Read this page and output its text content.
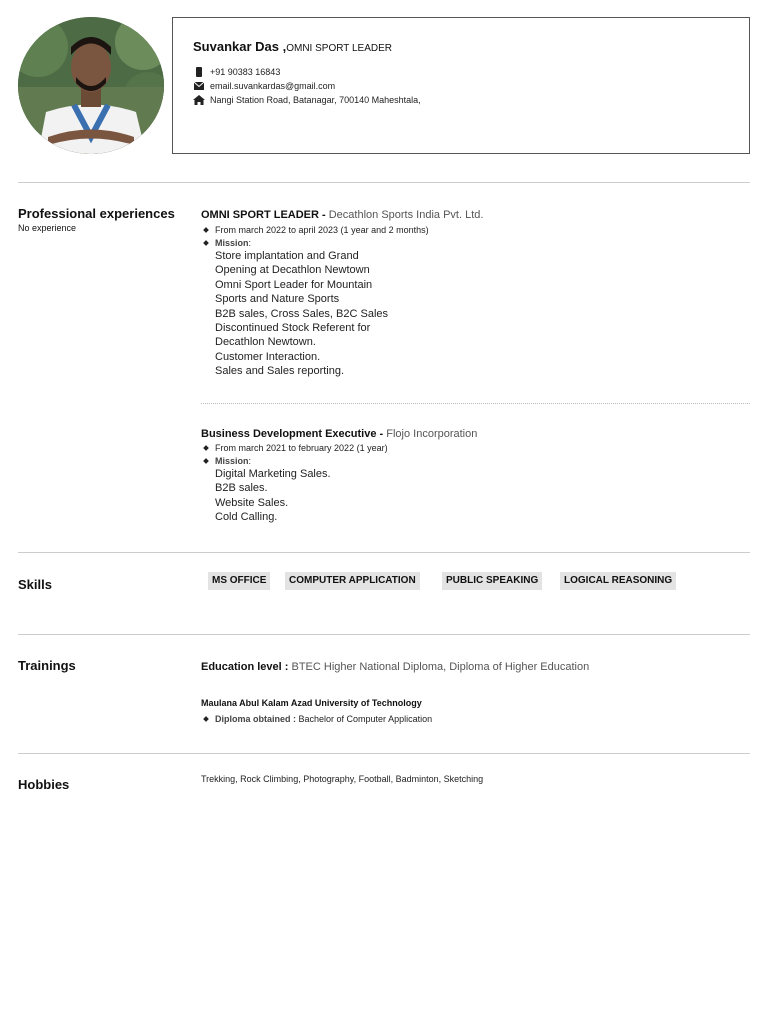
Suvankar Das ,OMNI SPORT LEADER
+91 90383 16843
email.suvankardas@gmail.com
Nangi Station Road, Batanagar, 700140 Maheshtala,
Professional experiences
No experience
OMNI SPORT LEADER - Decathlon Sports India Pvt. Ltd.
From march 2022 to april 2023 (1 year and 2 months)
Mission :
Store implantation and Grand
Opening at Decathlon Newtown
Omni Sport Leader for Mountain
Sports and Nature Sports
B2B sales, Cross Sales, B2C Sales
Discontinued Stock Referent for
Decathlon Newtown.
Customer Interaction.
Sales and Sales reporting.
Business Development Executive - Flojo Incorporation
From march 2021 to february 2022 (1 year)
Mission :
Digital Marketing Sales.
B2B sales.
Website Sales.
Cold Calling.
Skills	MS OFFICE	COMPUTER APPLICATION	PUBLIC SPEAKING	LOGICAL REASONING
Trainings	Education level : BTEC Higher National Diploma, Diploma of Higher Education
Maulana Abul Kalam Azad University of Technology
Diploma obtained :
Bachelor of Computer Application
Hobbies	Trekking, Rock Climbing, Photography, Football, Badminton, Sketching
